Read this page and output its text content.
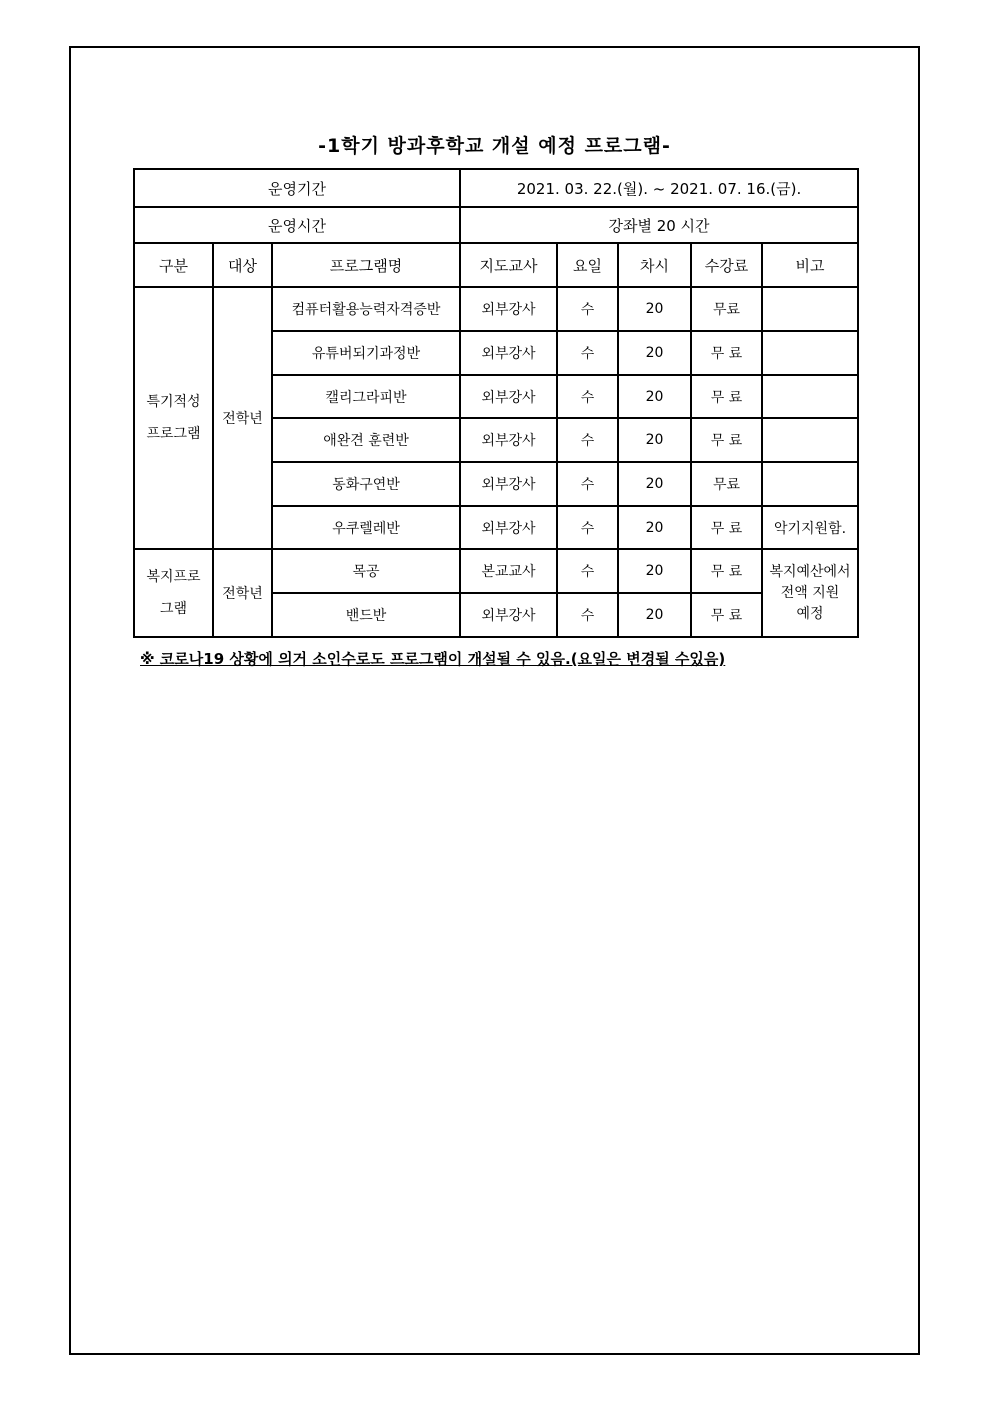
-1학기 방과후학교 개설 예정 프로그램-
운영기간			2021. 03. 22.(월). ~ 2021. 07. 16.(금).				
운영시간			강좌별 20 시간				
구분	대상	프로그램명	지도교사	요일	차시	수강료	비고
특기적성
프로그램	전학년	컴퓨터활용능력자격증반	외부강사	수	20	무료	
		유튜버되기과정반	외부강사	수	20	무 료	
		캘리그라피반	외부강사	수	20	무 료	
		애완견 훈련반	외부강사	수	20	무 료	
		동화구연반	외부강사	수	20	무료	
		우쿠렐레반	외부강사	수	20	무 료	악기지원함.
복지프로
그램	전학년	목공	본교교사	수	20	무 료	복지예산에서
전액 지원
예정
		밴드반	외부강사	수	20	무 료	
※ 코로나19 상황에 의거 소인수로도 프로그램이 개설될 수 있음.(요일은 변경될 수있음)
